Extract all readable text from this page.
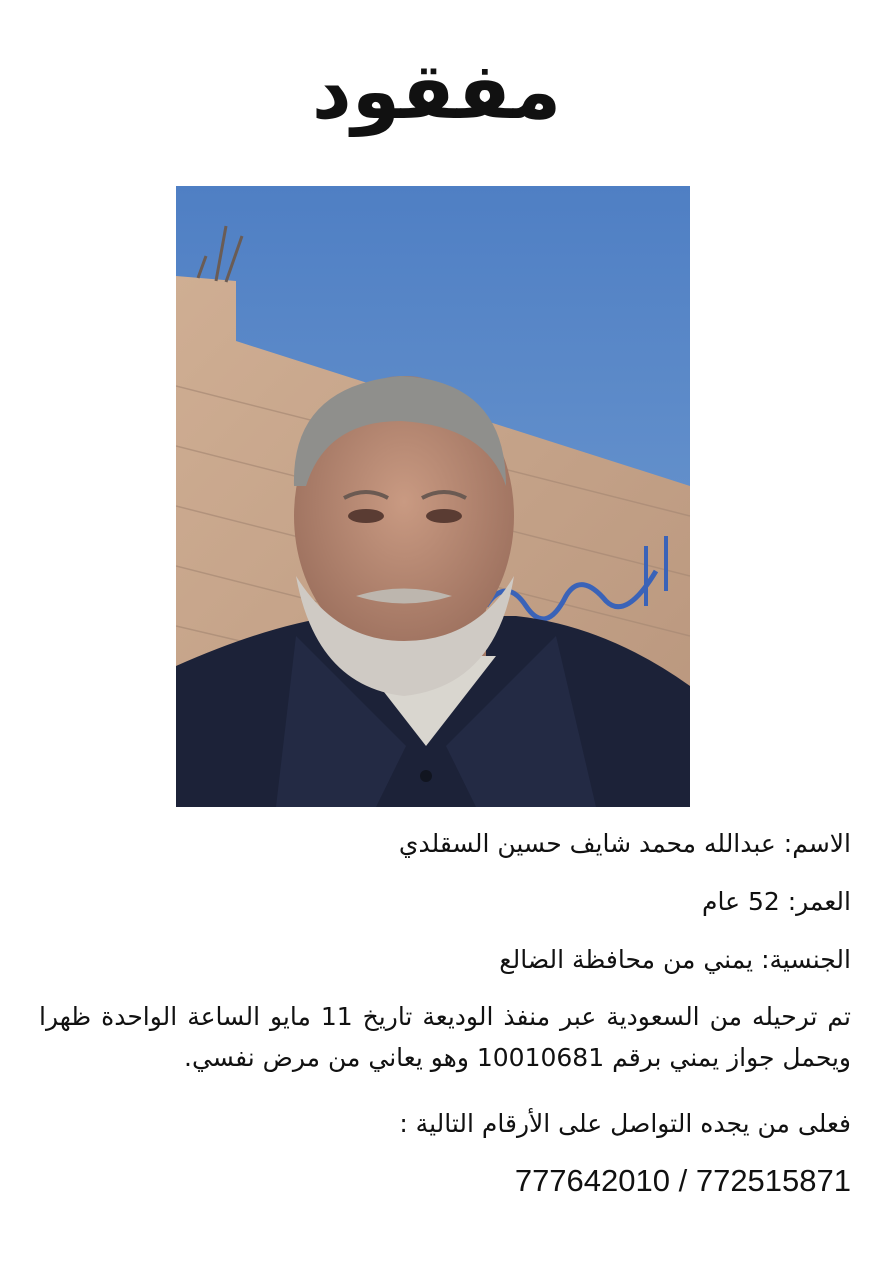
مفقود
الاسم: عبدالله محمد شايف حسين السقلدي
العمر: 52 عام
الجنسية: يمني من محافظة الضالع
تم ترحيله من السعودية عبر منفذ الوديعة تاريخ 11 مايو الساعة الواحدة ظهرا ويحمل جواز يمني برقم 10010681 وهو يعاني من مرض نفسي.
فعلى من يجده التواصل على الأرقام التالية :
777642010 / 772515871
